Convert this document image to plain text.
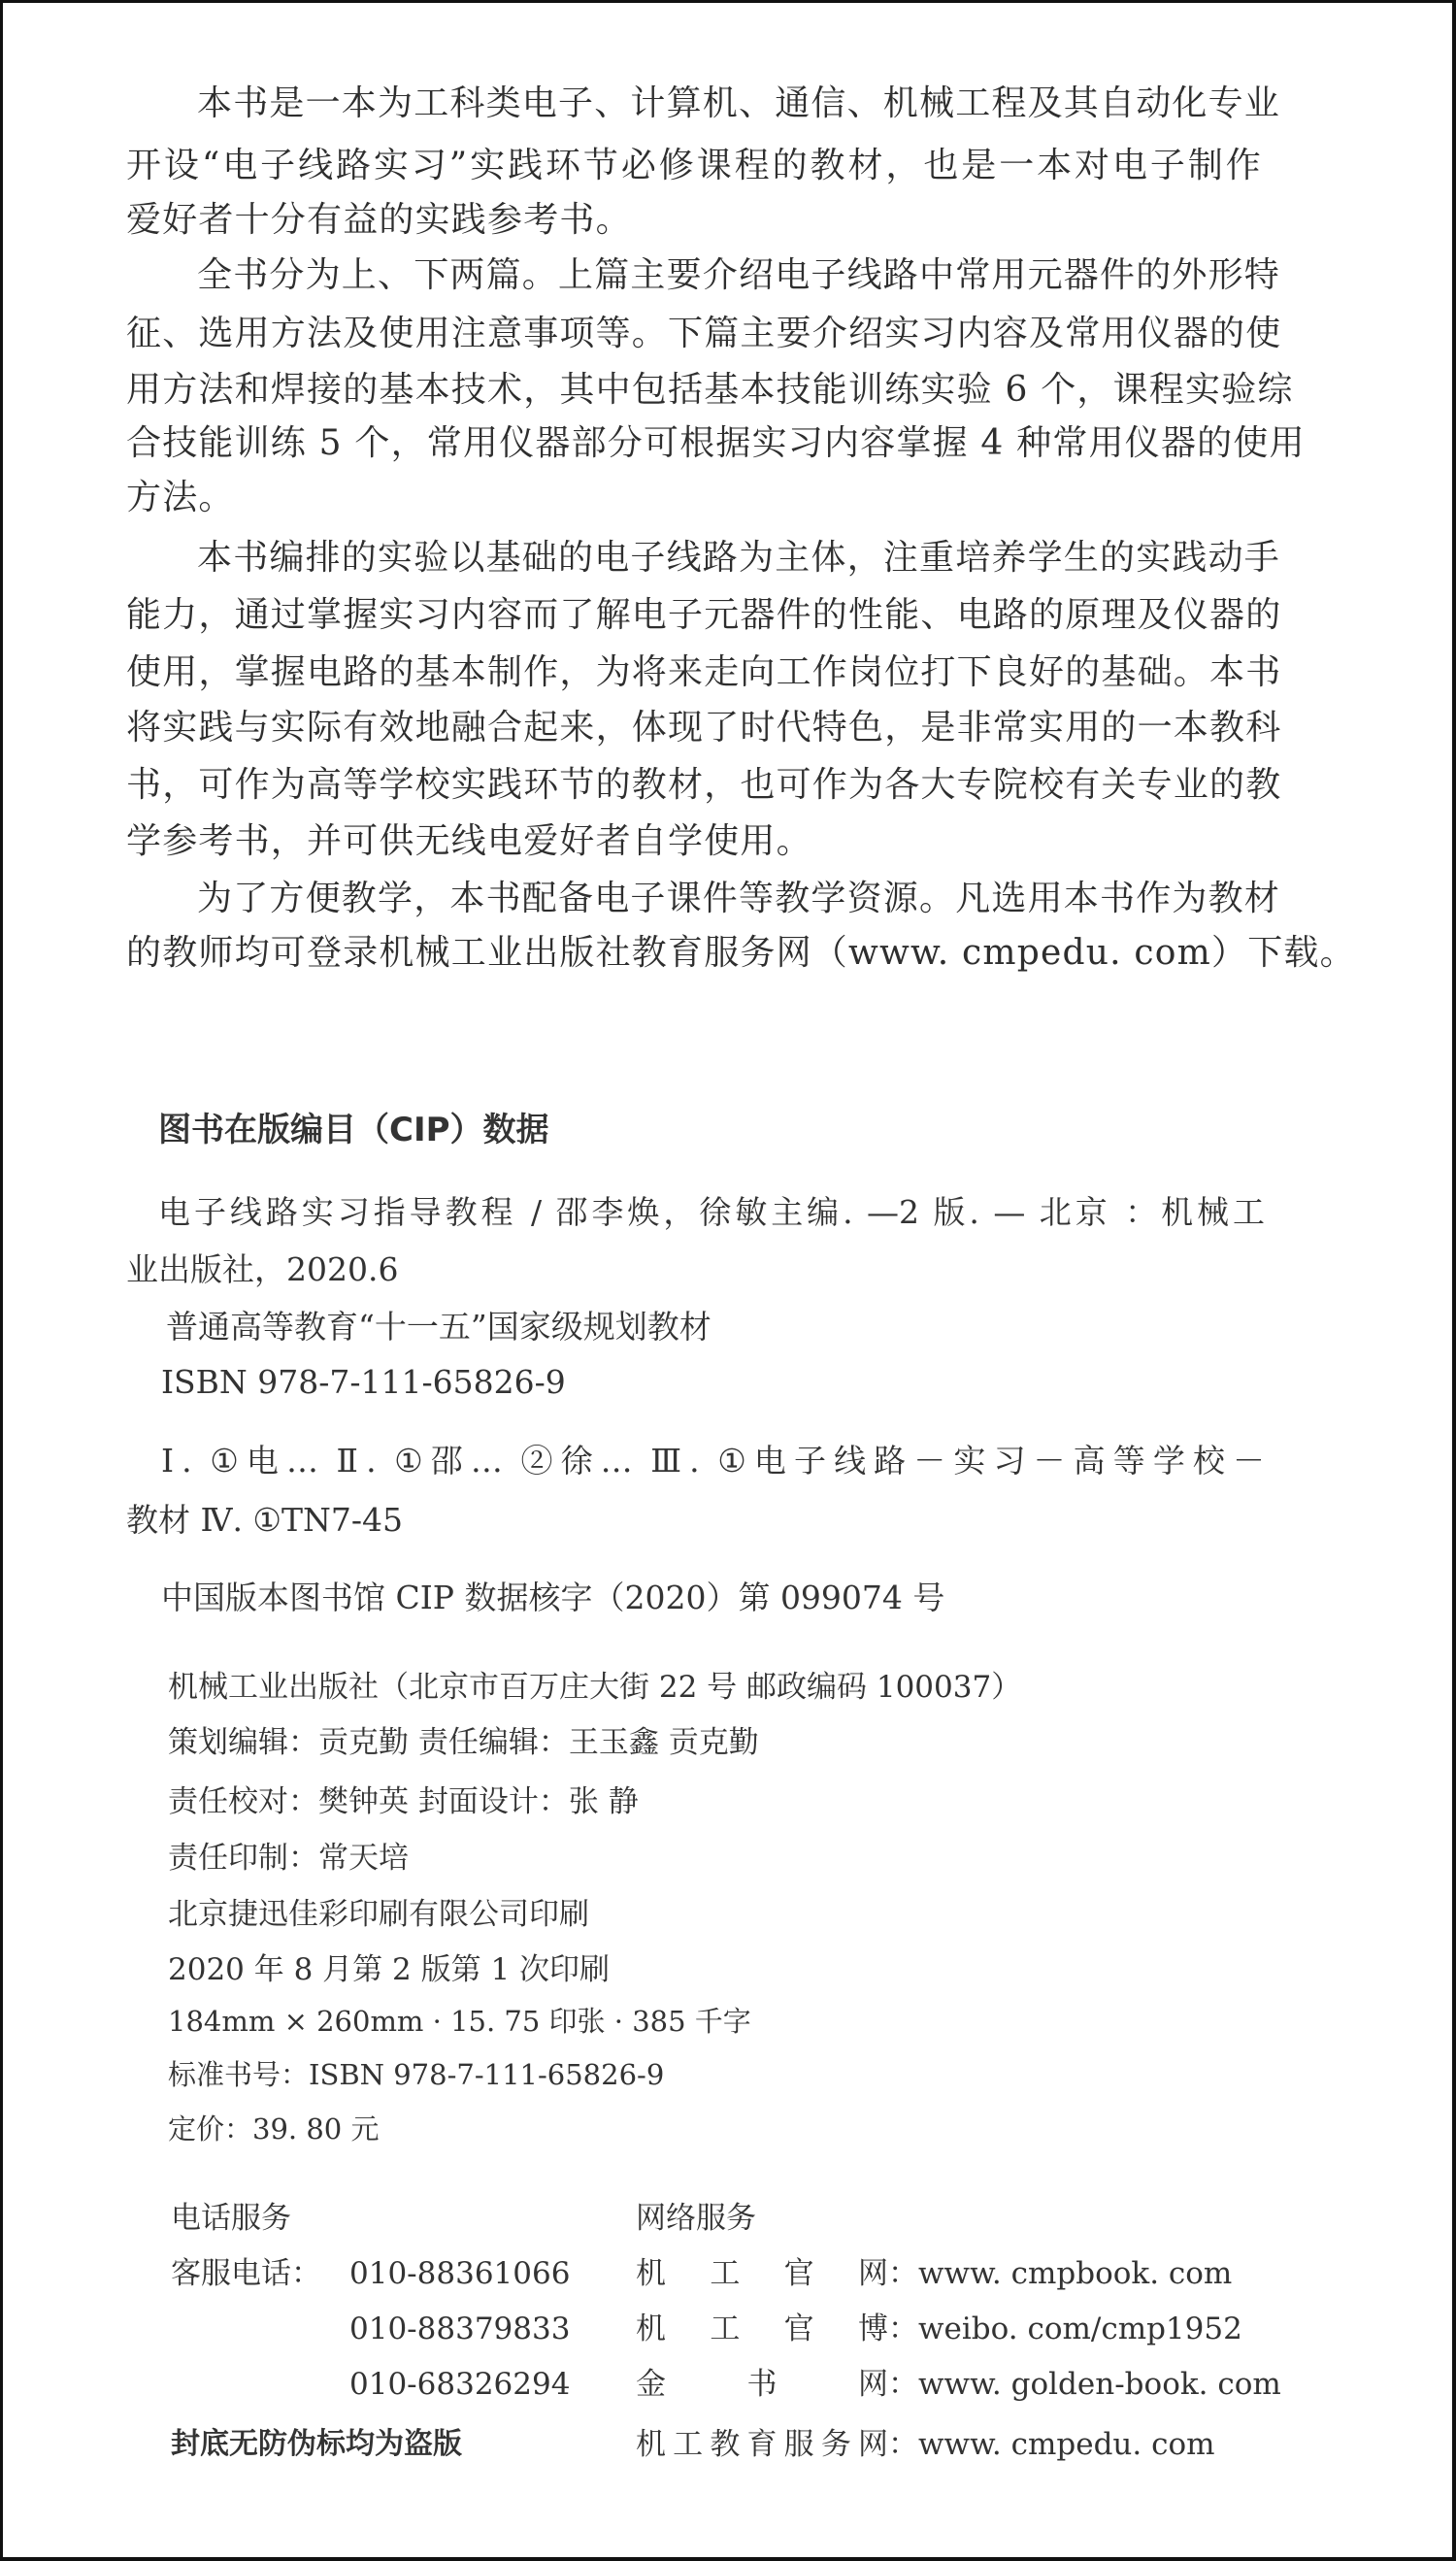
本书是一本为工科类电子、计算机、通信、机械工程及其自动化专业
开设“电子线路实习”实践环节必修课程的教材，也是一本对电子制作
爱好者十分有益的实践参考书。
全书分为上、下两篇。上篇主要介绍电子线路中常用元器件的外形特
征、选用方法及使用注意事项等。下篇主要介绍实习内容及常用仪器的使
用方法和焊接的基本技术，其中包括基本技能训练实验 6 个，课程实验综
合技能训练 5 个，常用仪器部分可根据实习内容掌握 4 种常用仪器的使用
方法。
本书编排的实验以基础的电子线路为主体，注重培养学生的实践动手
能力，通过掌握实习内容而了解电子元器件的性能、电路的原理及仪器的
使用，掌握电路的基本制作，为将来走向工作岗位打下良好的基础。本书
将实践与实际有效地融合起来，体现了时代特色，是非常实用的一本教科
书，可作为高等学校实践环节的教材，也可作为各大专院校有关专业的教
学参考书，并可供无线电爱好者自学使用。
为了方便教学，本书配备电子课件等教学资源。凡选用本书作为教材
的教师均可登录机械工业出版社教育服务网（www. cmpedu. com）下载。
图书在版编目（CIP）数据
电子线路实习指导教程 / 邵李焕，徐敏主编. —2 版. — 北京 ：机械工
业出版社，2020.6
普通高等教育“十一五”国家级规划教材
ISBN 978-7-111-65826-9
Ⅰ. ①电… Ⅱ. ①邵… ②徐… Ⅲ. ①电子线路－实习－高等学校－
教材 Ⅳ. ①TN7-45
中国版本图书馆 CIP 数据核字（2020）第 099074 号
机械工业出版社（北京市百万庄大街 22 号 邮政编码 100037）
策划编辑：贡克勤 责任编辑：王玉鑫 贡克勤
责任校对：樊钟英 封面设计：张 静
责任印制：常天培
北京捷迅佳彩印刷有限公司印刷
2020 年 8 月第 2 版第 1 次印刷
184mm × 260mm · 15. 75 印张 · 385 千字
标准书号：ISBN 978-7-111-65826-9
定价：39. 80 元
电话服务	网络服务
客服电话： 010-88361066
010-88379833
010-68326294
机工官网：www. cmpbook. com
机工官博：weibo. com/cmp1952
金书网：www. golden-book. com
封底无防伪标均为盗版	机工教育服务网：www. cmpedu. com
